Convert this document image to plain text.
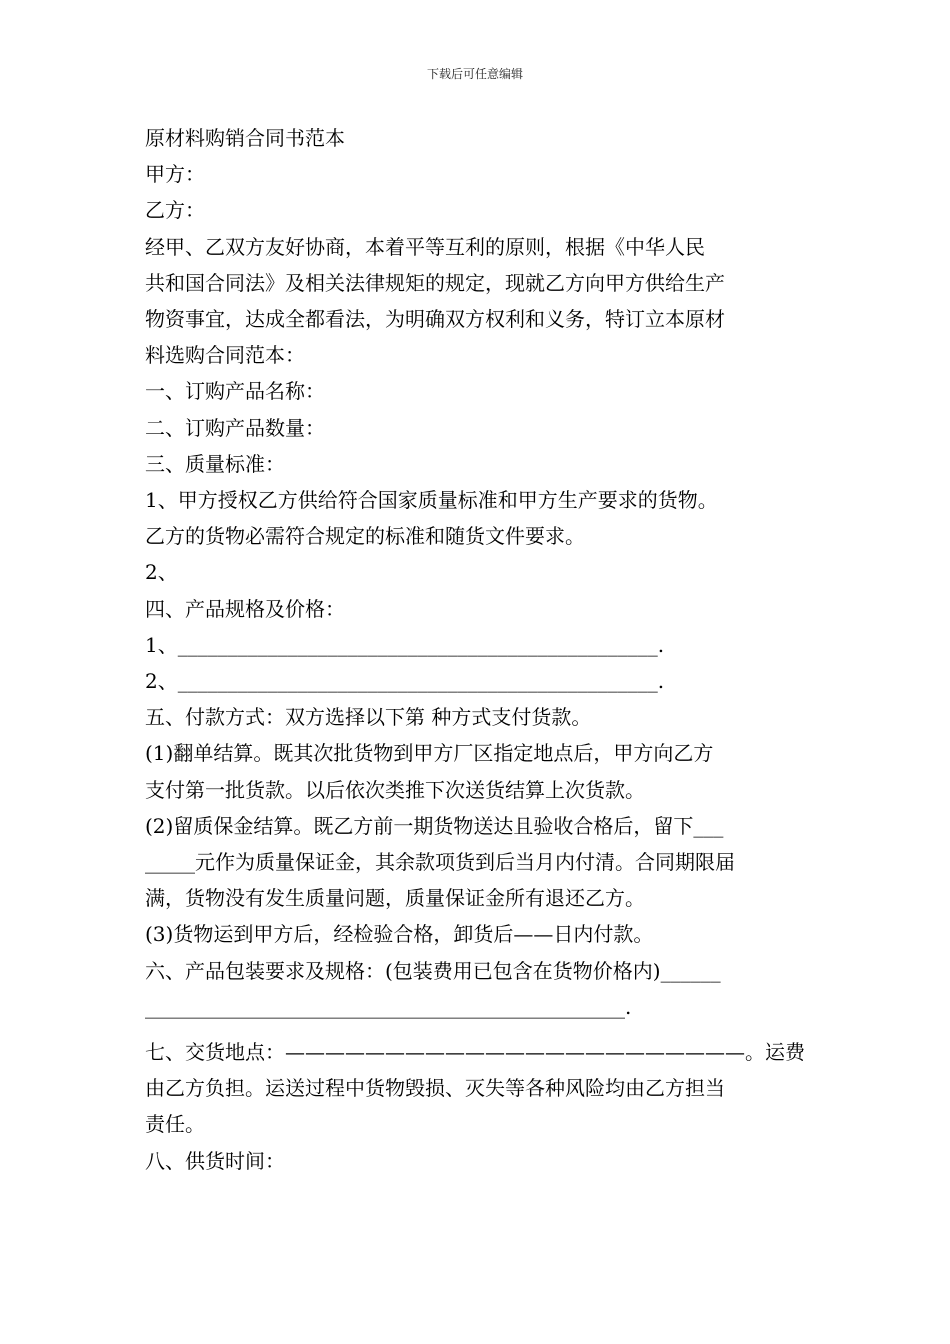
下载后可任意编辑
原材料购销合同书范本
甲方：
乙方：
经甲、乙双方友好协商，本着平等互利的原则，根据《中华人民
共和国合同法》及相关法律规矩的规定，现就乙方向甲方供给生产
物资事宜，达成全都看法，为明确双方权利和义务，特订立本原材
料选购合同范本：
一、订购产品名称：
二、订购产品数量：
三、质量标准：
1、甲方授权乙方供给符合国家质量标准和甲方生产要求的货物。
乙方的货物必需符合规定的标准和随货文件要求。
2、
四、产品规格及价格：
1、________________________________________________.
2、________________________________________________.
五、付款方式：双方选择以下第 种方式支付货款。
(1)翻单结算。既其次批货物到甲方厂区指定地点后，甲方向乙方
支付第一批货款。以后依次类推下次送货结算上次货款。
(2)留质保金结算。既乙方前一期货物送达且验收合格后，留下___
_____元作为质量保证金，其余款项货到后当月内付清。合同期限届
满，货物没有发生质量问题，质量保证金所有退还乙方。
(3)货物运到甲方后，经检验合格，卸货后——日内付款。
六、产品包装要求及规格：(包装费用已包含在货物价格内)______
________________________________________________.
七、交货地点：———————————————————————。运费
由乙方负担。运送过程中货物毁损、灭失等各种风险均由乙方担当
责任。
八、供货时间：
